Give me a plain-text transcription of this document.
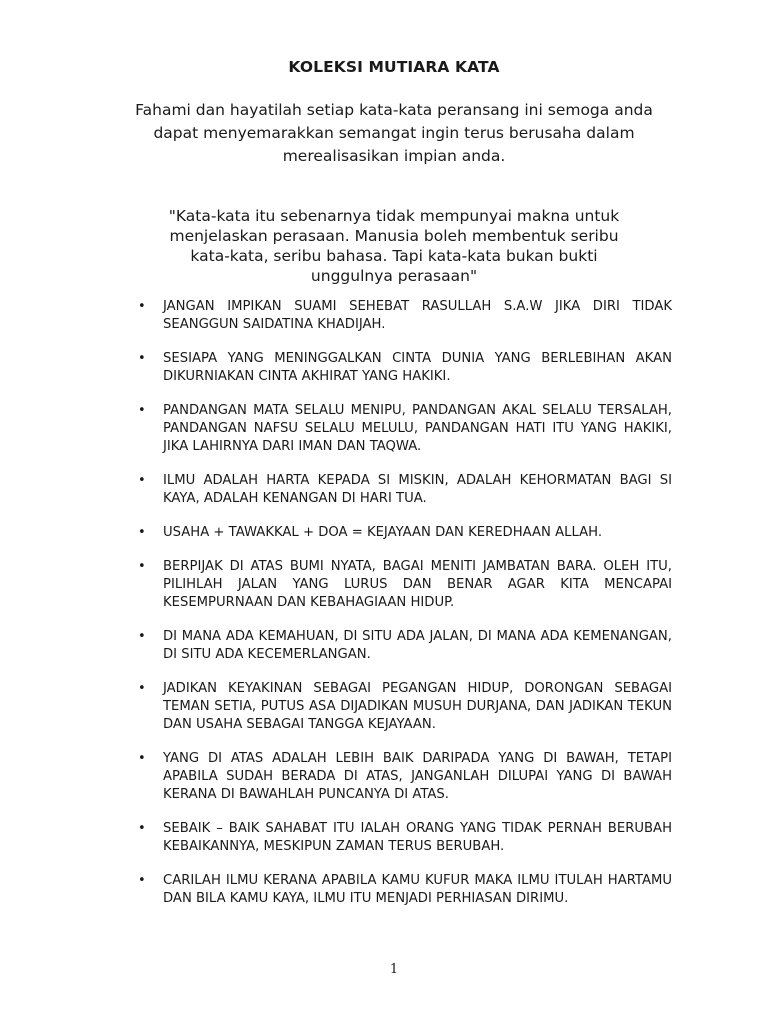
KOLEKSI MUTIARA KATA

Fahami dan hayatilah setiap kata-kata peransang ini semoga anda

dapat menyemarakkan semangat ingin terus berusaha dalam merealisasikan impian anda.

"Kata-kata itu sebenarnya tidak mempunyai makna untuk
menjelaskan perasaan. Manusia boleh membentuk seribu
kata-kata, seribu bahasa. Tapi kata-kata bukan bukti
unggulnya perasaan"

• JANGAN IMPIKAN SUAMI SEHEBAT RASULLAH S.A.W JIKA DIRI TIDAK SEANGGUN SAIDATINA KHADIJAH.
• SESIAPA YANG MENINGGALKAN CINTA DUNIA YANG BERLEBIHAN AKAN DIKURNIAKAN CINTA AKHIRAT YANG HAKIKI.
• PANDANGAN MATA SELALU MENIPU, PANDANGAN AKAL SELALU TERSALAH, PANDANGAN NAFSU SELALU MELULU, PANDANGAN HATI ITU YANG HAKIKI, JIKA LAHIRNYA DARI IMAN DAN TAQWA.
• ILMU ADALAH HARTA KEPADA SI MISKIN, ADALAH KEHORMATAN BAGI SI KAYA, ADALAH KENANGAN DI HARI TUA.
• USAHA + TAWAKKAL + DOA = KEJAYAAN DAN KEREDHAAN ALLAH.
• BERPIJAK DI ATAS BUMI NYATA, BAGAI MENITI JAMBATAN BARA. OLEH ITU, PILIHLAH JALAN YANG LURUS DAN BENAR AGAR KITA MENCAPAI KESEMPURNAAN DAN KEBAHAGIAAN HIDUP.
• DI MANA ADA KEMAHUAN, DI SITU ADA JALAN, DI MANA ADA KEMENANGAN, DI SITU ADA KECEMERLANGAN.
• JADIKAN KEYAKINAN SEBAGAI PEGANGAN HIDUP, DORONGAN SEBAGAI TEMAN SETIA, PUTUS ASA DIJADIKAN MUSUH DURJANA, DAN JADIKAN TEKUN DAN USAHA SEBAGAI TANGGA KEJAYAAN.
• YANG DI ATAS ADALAH LEBIH BAIK DARIPADA YANG DI BAWAH, TETAPI APABILA SUDAH BERADA DI ATAS, JANGANLAH DILUPAI YANG DI BAWAH KERANA DI BAWAHLAH PUNCANYA DI ATAS.
• SEBAIK – BAIK SAHABAT ITU IALAH ORANG YANG TIDAK PERNAH BERUBAH KEBAIKANNYA, MESKIPUN ZAMAN TERUS BERUBAH.
• CARILAH ILMU KERANA APABILA KAMU KUFUR MAKA ILMU ITULAH HARTAMU DAN BILA KAMU KAYA, ILMU ITU MENJADI PERHIASAN DIRIMU.
1
